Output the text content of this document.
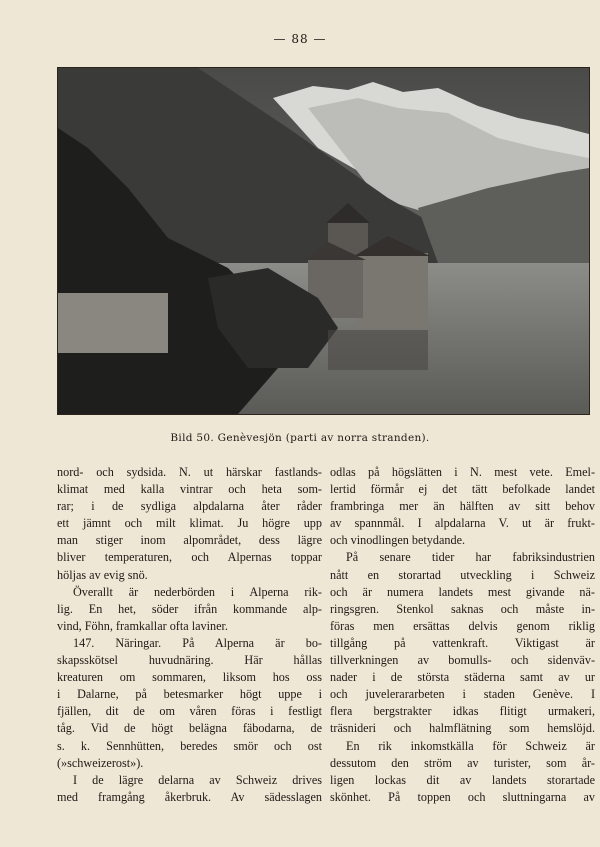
— 88 —
Bild 50. Genèvesjön (parti av norra stranden).
nord- och sydsida. N. ut härskar fastlands-
klimat med kalla vintrar och heta som-
rar; i de sydliga alpdalarna åter råder
ett jämnt och milt klimat. Ju högre upp
man stiger inom alpområdet, dess lägre
bliver temperaturen, och Alpernas toppar
höljas av evig snö.
Överallt är nederbörden i Alperna rik-
lig. En het, söder ifrån kommande alp-
vind, Föhn, framkallar ofta laviner.
147. Näringar. På Alperna är bo-
skapsskötsel huvudnäring. Här hållas
kreaturen om sommaren, liksom hos oss
i Dalarne, på betesmarker högt uppe i
fjällen, dit de om våren föras i festligt
tåg. Vid de högt belägna fäbodarna, de
s. k. Sennhütten, beredes smör och ost
(»schweizerost»).
I de lägre delarna av Schweiz drives
med framgång åkerbruk. Av sädesslagen
odlas på högslätten i N. mest vete. Emel-
lertid förmår ej det tätt befolkade landet
frambringa mer än hälften av sitt behov
av spannmål. I alpdalarna V. ut är frukt-
och vinodlingen betydande.
På senare tider har fabriksindustrien
nått en storartad utveckling i Schweiz
och är numera landets mest givande nä-
ringsgren. Stenkol saknas och måste in-
föras men ersättas delvis genom riklig
tillgång på vattenkraft. Viktigast är
tillverkningen av bomulls- och sidenväv-
nader i de största städerna samt av ur
och juvelerararbeten i staden Genève. I
flera bergstrakter idkas flitigt urmakeri,
träsnideri och halmflätning som hemslöjd.
En rik inkomstkälla för Schweiz är
dessutom den ström av turister, som år-
ligen lockas dit av landets storartade
skönhet. På toppen och sluttningarna av
